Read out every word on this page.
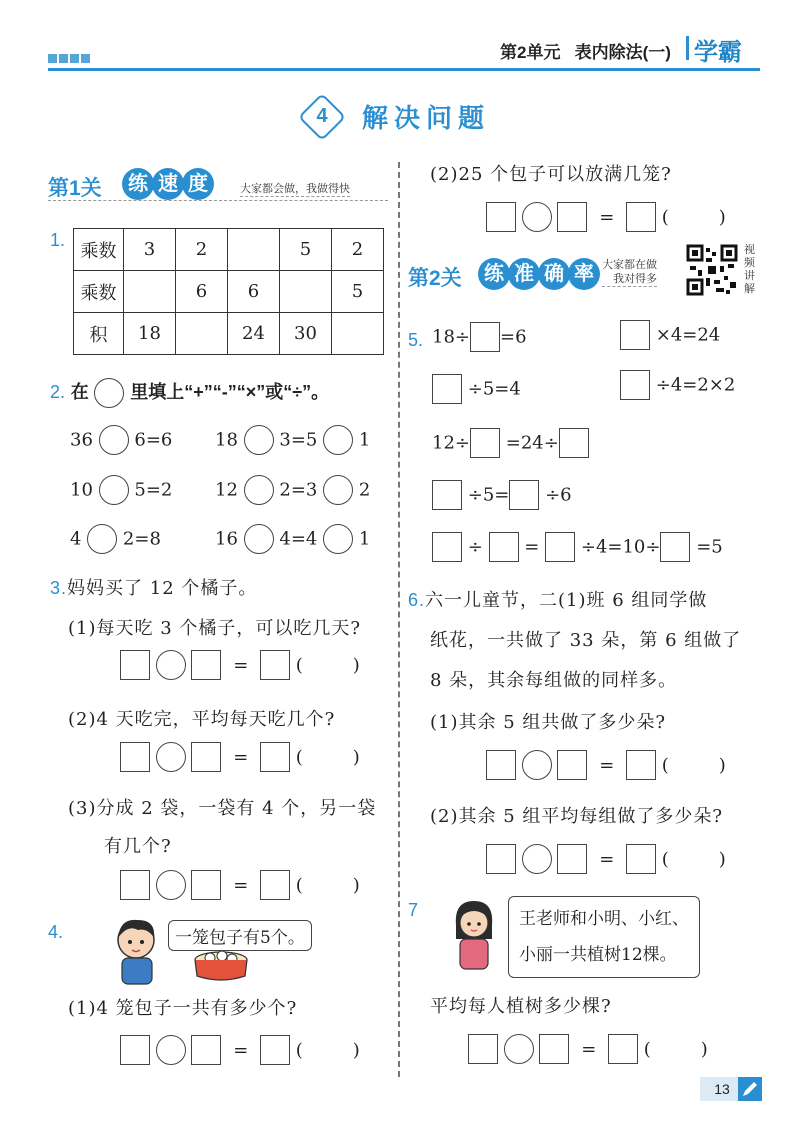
第2单元 表内除法(一) 学霸
4	解决问题
第1关	练 速 度	大家都会做，我做得快
1.
乘数	3	2		5	2
乘数		6	6		5
积	18		24	30	
2. 在 里填上“+”“-”“×”或“÷”。
36 6=6 18 3=5 1
10 5=2 12 2=3 2
4 2=8	16 4=4 1
3.妈妈买了 12 个橘子。
(1)每天吃 3 个橘子，可以吃几天?
=	(	)
(2)4 天吃完，平均每天吃几个?
=	(	)
(3)分成 2 袋，一袋有 4 个，另一袋
有几个?
=	(	)
4.	一笼包子有5个。
(1)4 笼包子一共有多少个?
=	(	)
(2)25 个包子可以放满几笼?
=	(	)
第2关	练 准 确 率 大家都在做
我对得多
视频讲解
5. 18÷ =6	×4=24
÷5=4	÷4=2×2
12÷ =24÷
÷5= ÷6
÷ = ÷4=10÷ =5
6.六一儿童节，二(1)班 6 组同学做
纸花，一共做了 33 朵，第 6 组做了
8 朵，其余每组做的同样多。
(1)其余 5 组共做了多少朵?
=	(	)
(2)其余 5 组平均每组做了多少朵?
=	(	)
7	王老师和小明、小红、
小丽一共植树12棵。
平均每人植树多少棵?
=	(	)
13
